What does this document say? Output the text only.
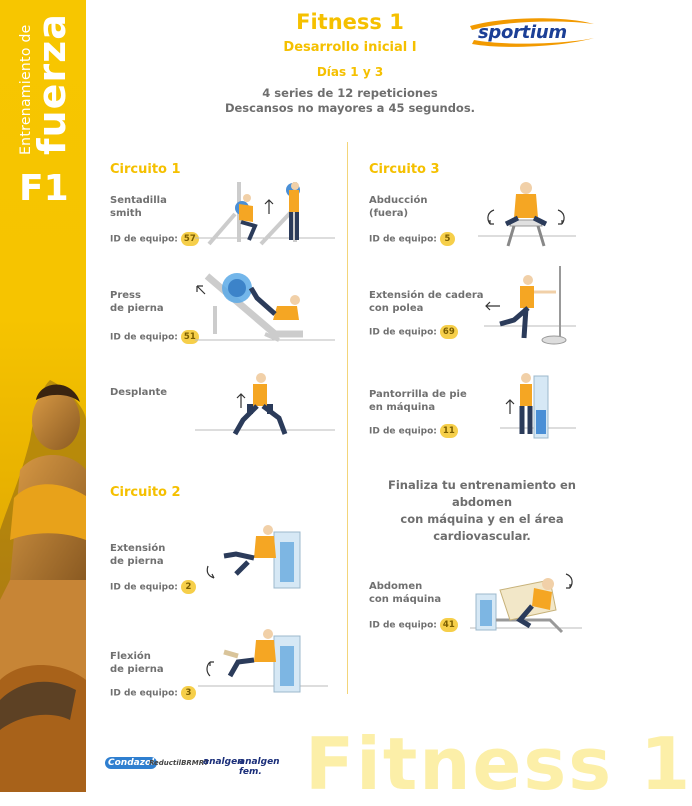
Entrenamiento de
fuerza
F1
Fitness 1
Desarrollo inicial I
Días 1 y 3
4 series de 12 repeticiones
Descansos no mayores a 45 segundos.
sportium
Circuito 1
Sentadilla
smith
ID de equipo: 57
Press
de pierna
ID de equipo: 51
Desplante
Circuito 2
Extensión
de pierna
ID de equipo: 2
Flexión
de pierna
ID de equipo: 3
Circuito 3
Abducción
(fuera)
ID de equipo: 5
Extensión de cadera
con polea
ID de equipo: 69
Pantorrilla de pie
en máquina
ID de equipo: 11
Finaliza tu entrenamiento en abdomen
con máquina y en el área cardiovascular.
Abdomen
con máquina
ID de equipo: 41
Fitness 1
Condazol
ReductilBRMRT
analgen
analgen fem.
